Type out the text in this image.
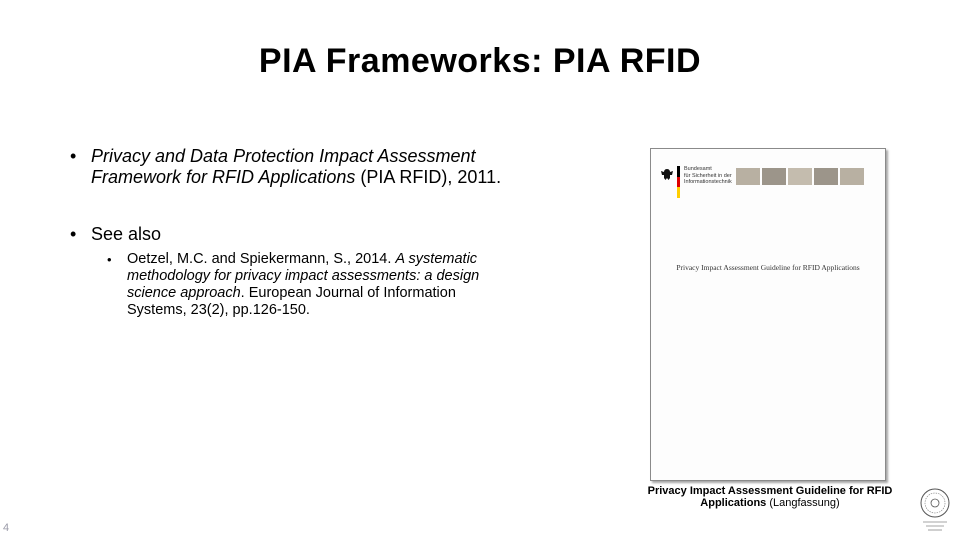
PIA Frameworks: PIA RFID
• Privacy and Data Protection Impact Assessment Framework for RFID Applications (PIA RFID), 2011.
• See also
• Oetzel, M.C. and Spiekermann, S., 2014. A systematic methodology for privacy impact assessments: a design science approach. European Journal of Information Systems, 23(2), pp.126-150.
Bundesamt
für Sicherheit in der
Informationstechnik
Privacy Impact Assessment Guideline for RFID Applications
Privacy Impact Assessment Guideline for RFID Applications (Langfassung)
4
